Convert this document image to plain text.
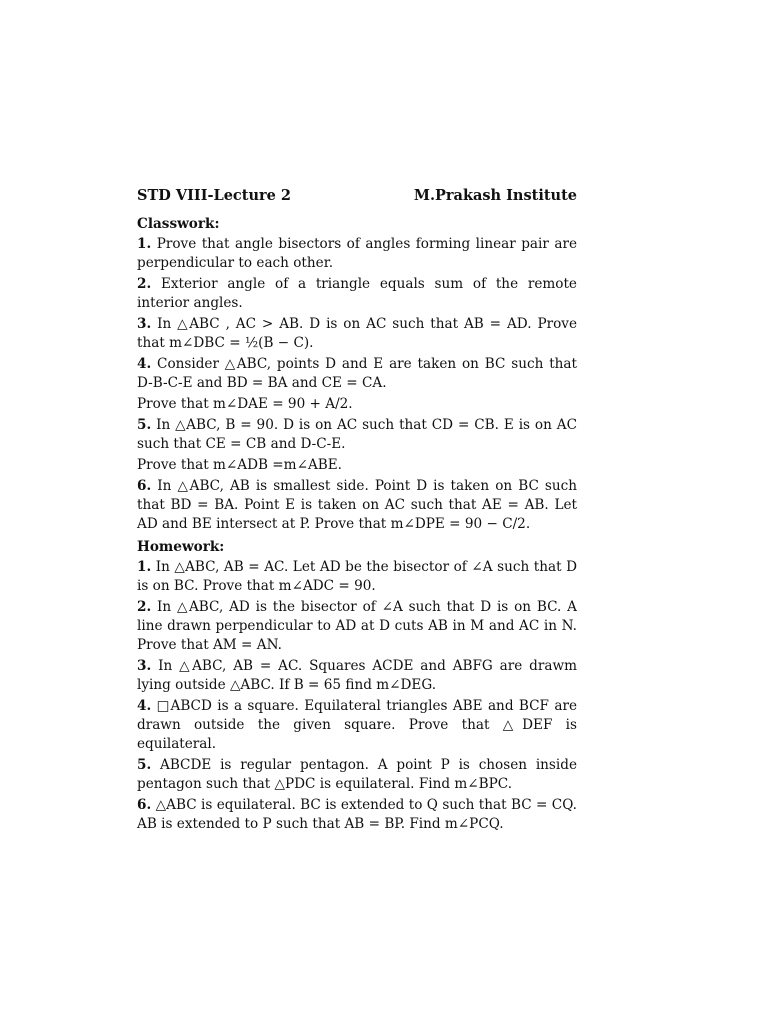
STD VIII-Lecture 2	M.Prakash Institute
Classwork:

1. Prove that angle bisectors of angles forming linear pair are perpendicular to each other.

2. Exterior angle of a triangle equals sum of the remote interior angles.

3. In △ABC , AC > AB. D is on AC such that AB = AD. Prove that m∠DBC = ½(B − C).

4. Consider △ABC, points D and E are taken on BC such that D-B-C-E and BD = BA and CE = CA.

Prove that m∠DAE = 90 + A/2.

5. In △ABC, B = 90. D is on AC such that CD = CB. E is on AC such that CE = CB and D-C-E.

Prove that m∠ADB =m∠ABE.

6. In △ABC, AB is smallest side. Point D is taken on BC such that BD = BA. Point E is taken on AC such that AE = AB. Let AD and BE intersect at P. Prove that m∠DPE = 90 − C/2.

Homework:

1. In △ABC, AB = AC. Let AD be the bisector of ∠A such that D is on BC. Prove that m∠ADC = 90.

2. In △ABC, AD is the bisector of ∠A such that D is on BC. A line drawn perpendicular to AD at D cuts AB in M and AC in N. Prove that AM = AN.

3. In △ABC, AB = AC. Squares ACDE and ABFG are drawm lying outside △ABC. If B = 65 find m∠DEG.

4. □ABCD is a square. Equilateral triangles ABE and BCF are drawn outside the given square. Prove that △DEF is equilateral.

5. ABCDE is regular pentagon. A point P is chosen inside pentagon such that △PDC is equilateral. Find m∠BPC.

6. △ABC is equilateral. BC is extended to Q such that BC = CQ. AB is extended to P such that AB = BP. Find m∠PCQ.
